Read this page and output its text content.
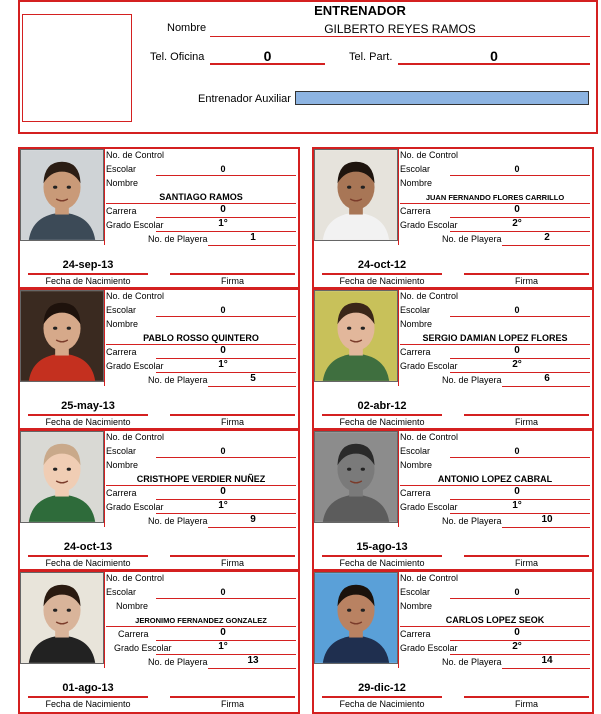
ENTRENADOR
Nombre	GILBERTO REYES RAMOS
Tel. Oficina	0	Tel. Part.	0
Entrenador Auxiliar
No. de Control
Escolar	0
Nombre
SANTIAGO RAMOS
Carrera	0
Grado Escolar	1°
No. de Playera	1
24-sep-13
Fecha de Nacimiento	Firma
No. de Control
Escolar	0
Nombre
JUAN FERNANDO FLORES CARRILLO
Carrera	0
Grado Escolar	2°
No. de Playera	2
24-oct-12
Fecha de Nacimiento	Firma
No. de Control
Escolar	0
Nombre
PABLO ROSSO QUINTERO
Carrera	0
Grado Escolar	1°
No. de Playera	5
25-may-13
Fecha de Nacimiento	Firma
No. de Control
Escolar	0
Nombre
SERGIO DAMIAN LOPEZ FLORES
Carrera	0
Grado Escolar	2°
No. de Playera	6
02-abr-12
Fecha de Nacimiento	Firma
No. de Control
Escolar	0
Nombre
CRISTHOPE VERDIER NUÑEZ
Carrera	0
Grado Escolar	1°
No. de Playera	9
24-oct-13
Fecha de Nacimiento	Firma
No. de Control
Escolar	0
Nombre
ANTONIO LOPEZ CABRAL
Carrera	0
Grado Escolar	1°
No. de Playera	10
15-ago-13
Fecha de Nacimiento	Firma
No. de Control
Escolar	0
Nombre
JERONIMO FERNANDEZ GONZALEZ
Carrera	0
Grado Escolar	1°
No. de Playera	13
01-ago-13
Fecha de Nacimiento	Firma
No. de Control
Escolar	0
Nombre
CARLOS LOPEZ SEOK
Carrera	0
Grado Escolar	2°
No. de Playera	14
29-dic-12
Fecha de Nacimiento	Firma
